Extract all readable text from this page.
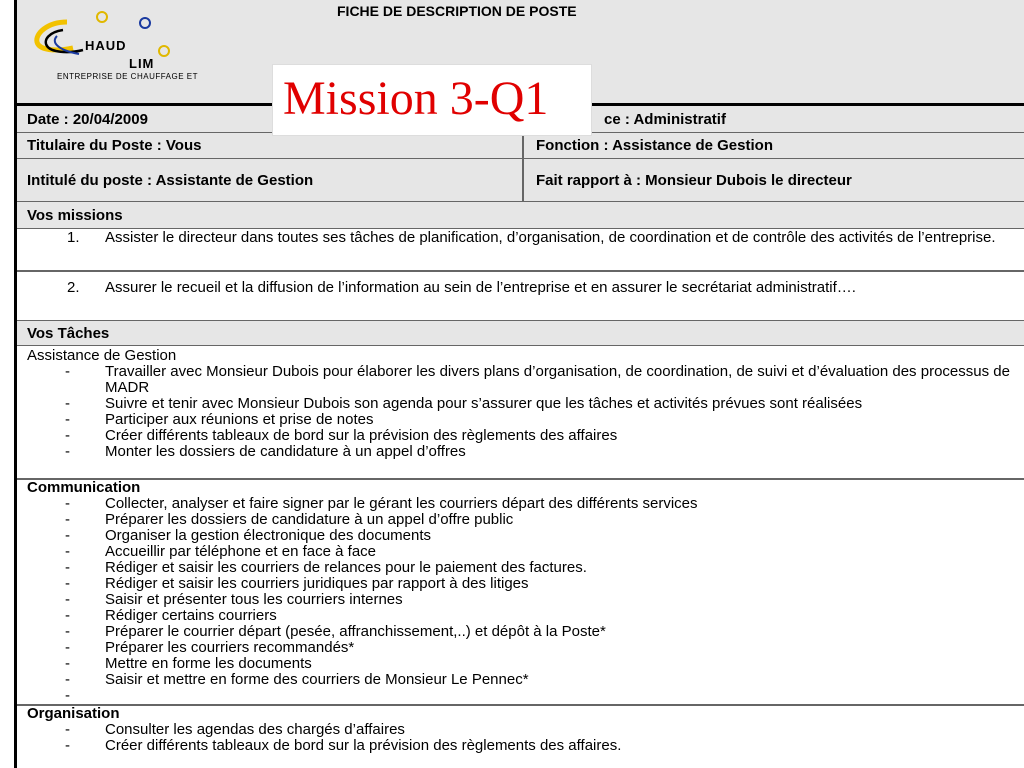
HAUD
LIM
ENTREPRISE DE CHAUFFAGE ET
FICHE DE DESCRIPTION DE POSTE
Date : 20/04/2009	ce : Administratif
Titulaire du Poste : Vous	Fonction : Assistance de Gestion
Intitulé du poste : Assistante de Gestion	Fait rapport à : Monsieur Dubois le directeur
Vos missions
1. Assister le directeur dans toutes ses tâches de planification, d’organisation, de coordination et de contrôle des activités de l’entreprise.
2. Assurer le recueil et la diffusion de l’information au sein de l’entreprise et en assurer le secrétariat administratif….
Vos Tâches
Assistance de Gestion
- Travailler avec Monsieur Dubois pour élaborer les divers plans d’organisation, de coordination, de suivi et d’évaluation des processus de MADR
- Suivre et tenir avec Monsieur Dubois son agenda pour s’assurer que les tâches et activités prévues sont réalisées
- Participer aux réunions et prise de notes
- Créer différents tableaux de bord sur la prévision des règlements des affaires
- Monter les dossiers de candidature à un appel d’offres
Communication
- Collecter, analyser et faire signer par le gérant les courriers départ des différents services
- Préparer les dossiers de candidature à un appel d’offre public
- Organiser la gestion électronique des documents
- Accueillir par téléphone et en face à face
- Rédiger et saisir les courriers de relances pour le paiement des factures.
- Rédiger et saisir les courriers juridiques par rapport à des litiges
- Saisir et présenter tous les courriers internes
- Rédiger certains courriers
- Préparer le courrier départ (pesée, affranchissement,..) et dépôt à la Poste*
- Préparer les courriers recommandés*
- Mettre en forme les documents
- Saisir et mettre en forme des courriers de Monsieur Le Pennec*
-

Organisation
- Consulter les agendas des chargés d’affaires
- Créer différents tableaux de bord sur la prévision des règlements des affaires.
Mission 3-Q1
